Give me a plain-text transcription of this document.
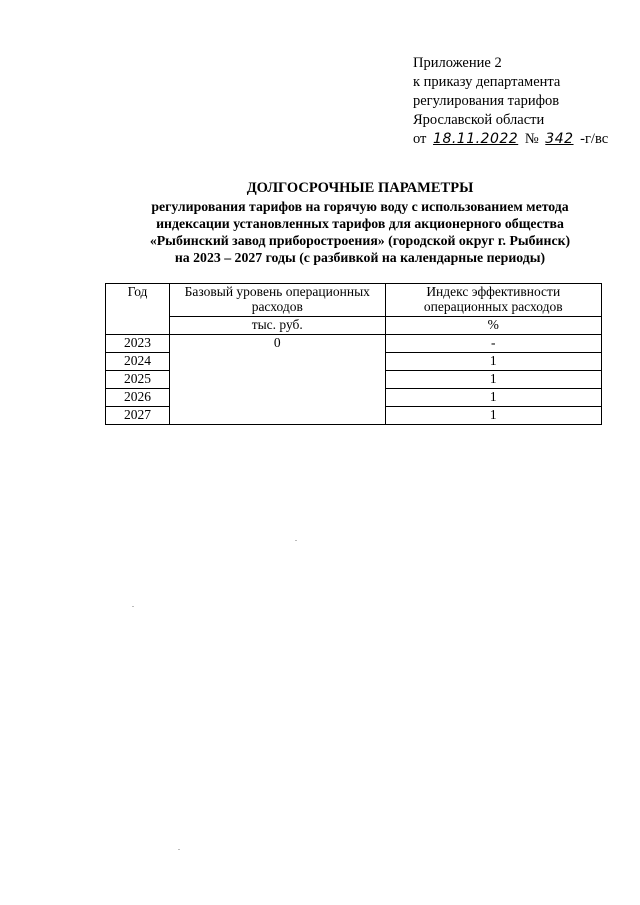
Приложение 2
к приказу департамента
регулирования тарифов
Ярославской области
от 18.11.2022 № 342 -г/вс
ДОЛГОСРОЧНЫЕ ПАРАМЕТРЫ
регулирования тарифов на горячую воду с использованием метода
индексации установленных тарифов для акционерного общества
«Рыбинский завод приборостроения» (городской округ г. Рыбинск)
на 2023 – 2027 годы (с разбивкой на календарные периоды)
Год	Базовый уровень операционных расходов	Индекс эффективности операционных расходов
	тыс. руб.	%
2023	0	-
2024		1
2025		1
2026		1
2027		1
